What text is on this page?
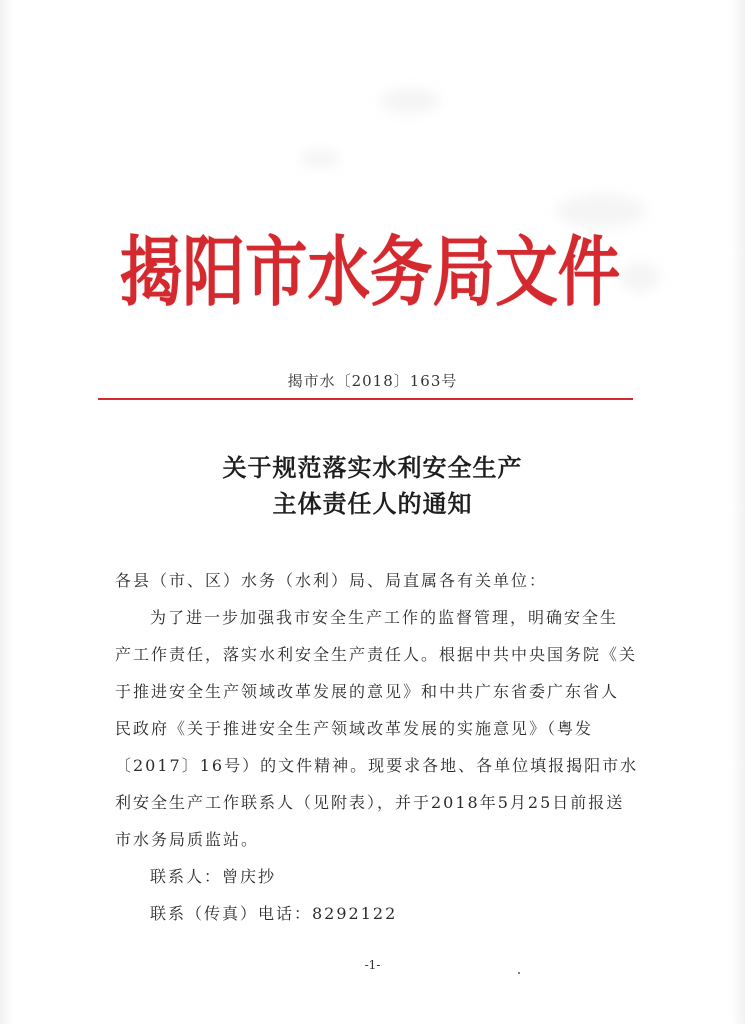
揭阳市水务局文件
揭市水〔2018〕163号
关于规范落实水利安全生产
主体责任人的通知
各县（市、区）水务（水利）局、局直属各有关单位：
为了进一步加强我市安全生产工作的监督管理，明确安全生
产工作责任，落实水利安全生产责任人。根据中共中央国务院《关
于推进安全生产领域改革发展的意见》和中共广东省委广东省人
民政府《关于推进安全生产领域改革发展的实施意见》（粤发
〔2017〕16号）的文件精神。现要求各地、各单位填报揭阳市水
利安全生产工作联系人（见附表），并于2018年5月25日前报送
市水务局质监站。
联系人：曾庆抄
联系（传真）电话：8292122
-1-
